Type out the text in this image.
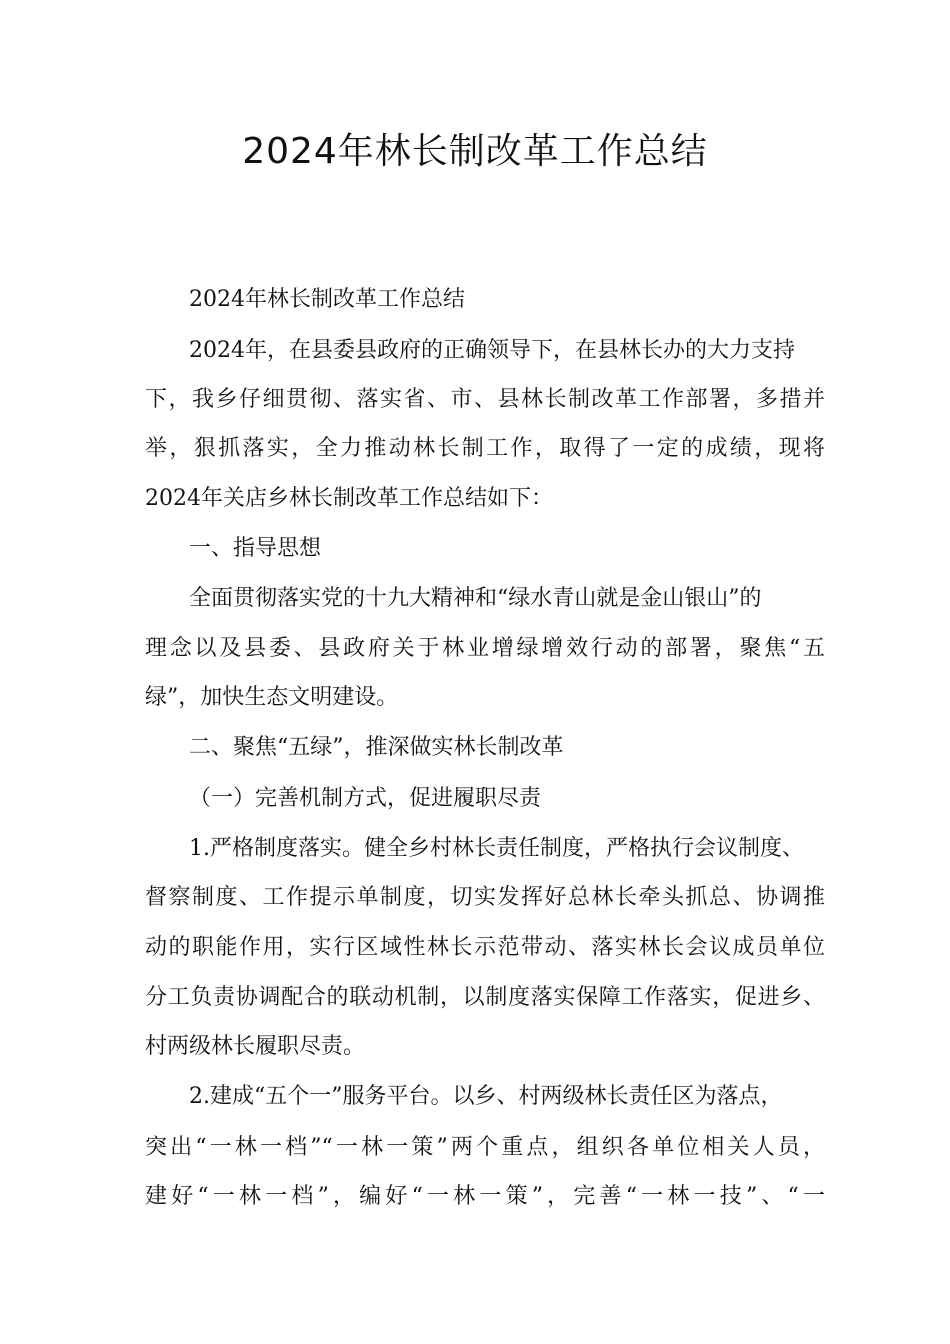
2024年林长制改革工作总结
2024年林长制改革工作总结
2024年，在县委县政府的正确领导下，在县林长办的大力支持
下，我乡仔细贯彻、落实省、市、县林长制改革工作部署，多措并
举，狠抓落实，全力推动林长制工作，取得了一定的成绩，现将
2024年关店乡林长制改革工作总结如下：
一、指导思想
全面贯彻落实党的十九大精神和“绿水青山就是金山银山”的
理念以及县委、县政府关于林业增绿增效行动的部署，聚焦“五
绿”，加快生态文明建设。
二、聚焦“五绿”，推深做实林长制改革
（一）完善机制方式，促进履职尽责
1.严格制度落实。健全乡村林长责任制度，严格执行会议制度、
督察制度、工作提示单制度，切实发挥好总林长牵头抓总、协调推
动的职能作用，实行区域性林长示范带动、落实林长会议成员单位
分工负责协调配合的联动机制，以制度落实保障工作落实，促进乡、
村两级林长履职尽责。
2.建成“五个一”服务平台。以乡、村两级林长责任区为落点，
突出“一林一档”“一林一策”两个重点，组织各单位相关人员，
建好“一林一档”，编好“一林一策”，完善“一林一技”、“一
